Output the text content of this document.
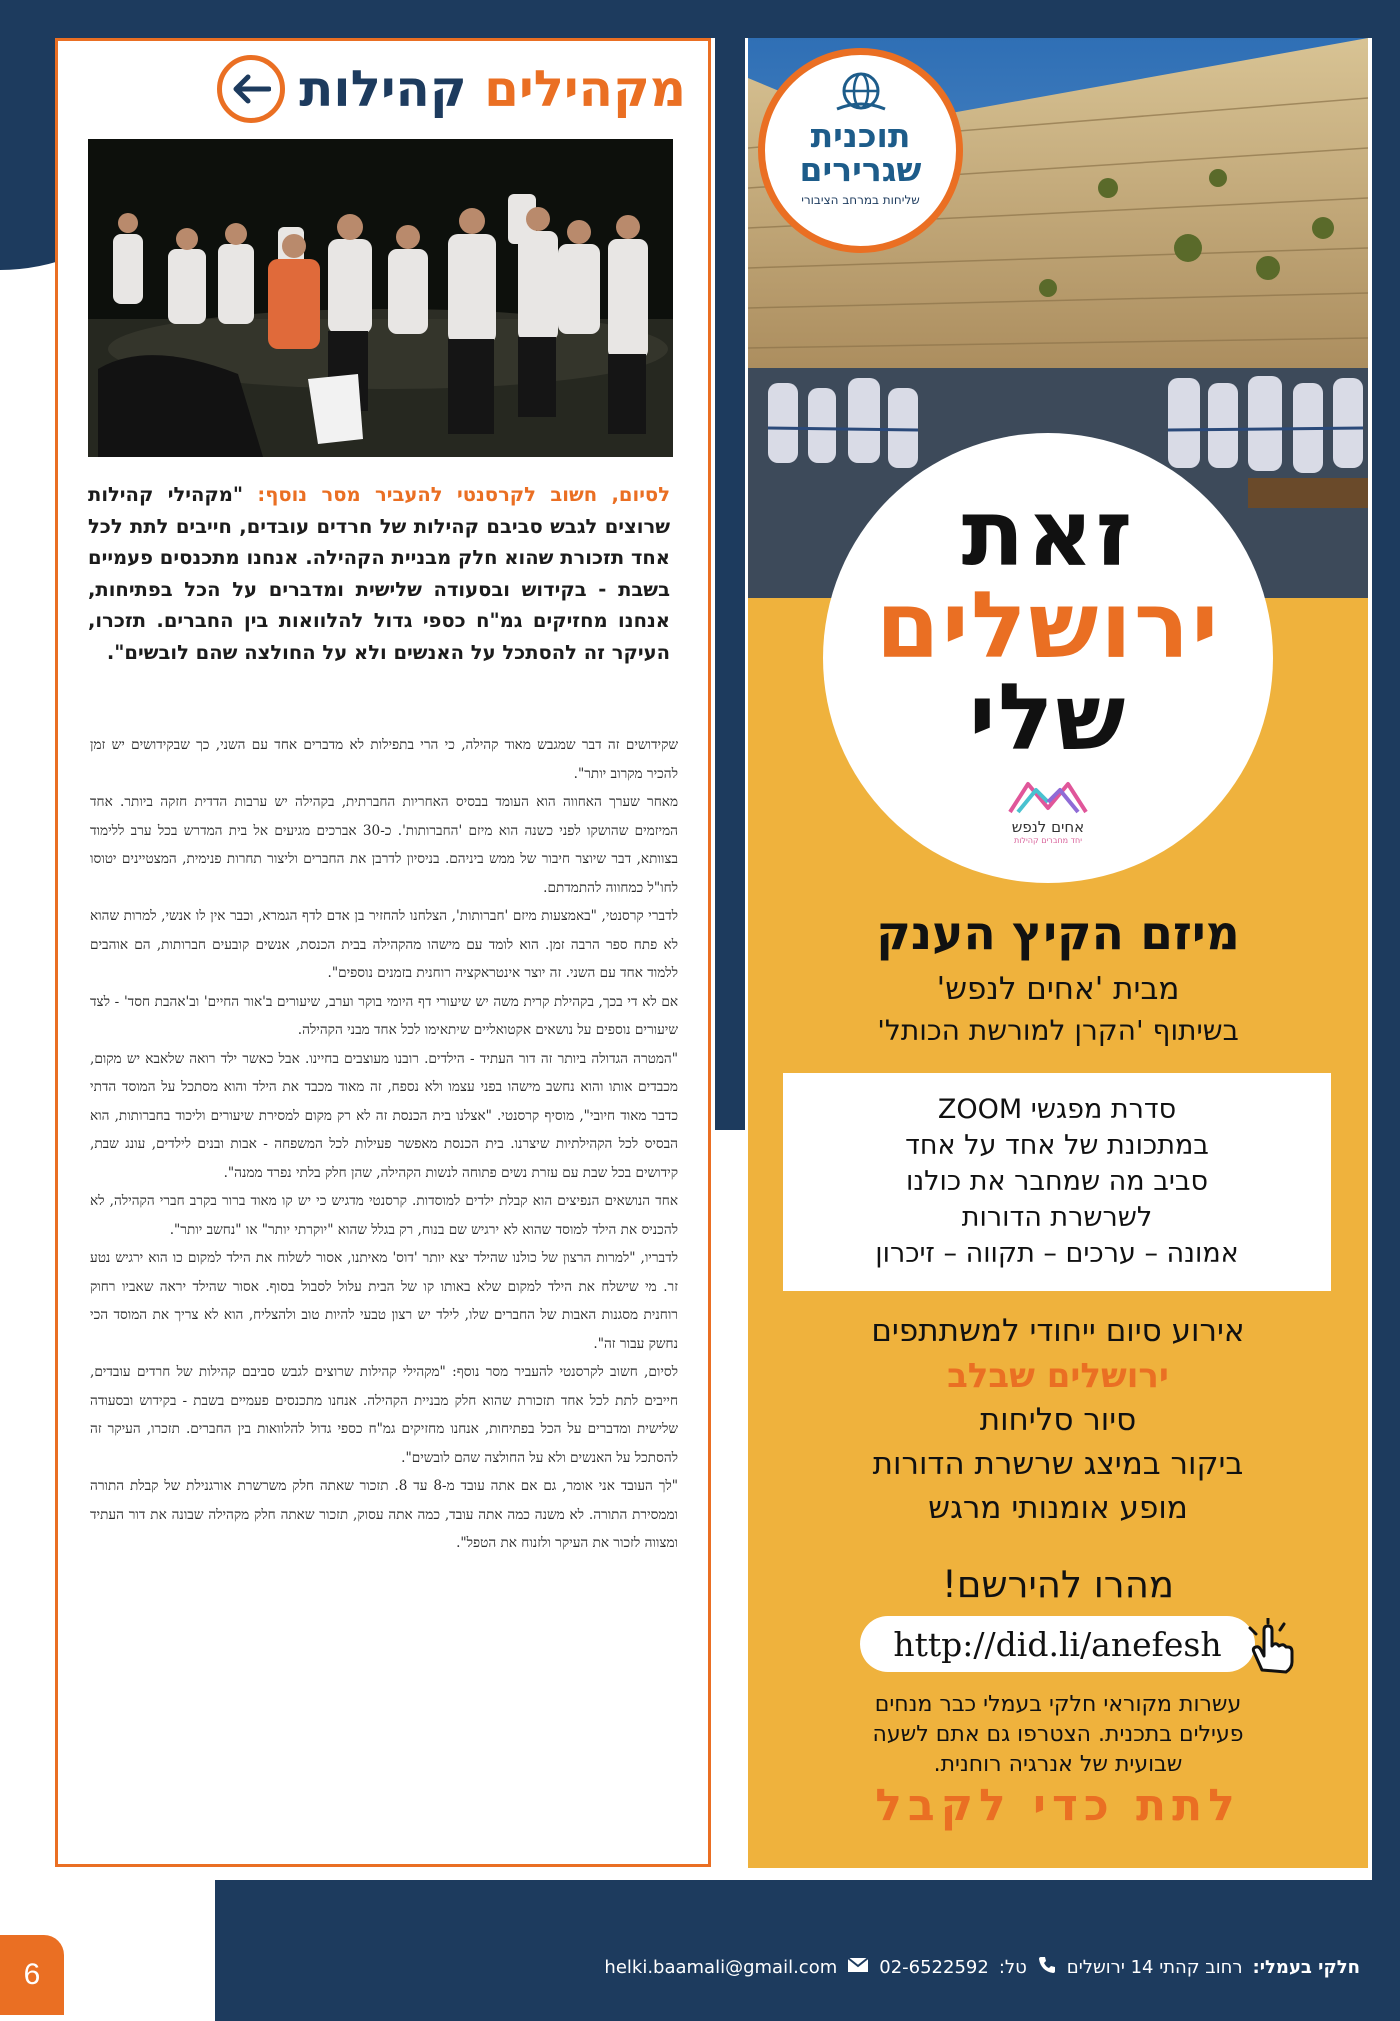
מקהילים קהילות
לסיום, חשוב לקרסנטי להעביר מסר נוסף: "מקהילי קהילות שרוצים לגבש סביבם קהילות של חרדים עובדים, חייבים לתת לכל אחד תזכורת שהוא חלק מבניית הקהילה. אנחנו מתכנסים פעמיים בשבת - בקידוש ובסעודה שלישית ומדברים על הכל בפתיחות, אנחנו מחזיקים גמ"ח כספי גדול להלוואות בין החברים. תזכרו, העיקר זה להסתכל על האנשים ולא על החולצה שהם לובשים".

שקידושים זה דבר שמגבש מאוד קהילה, כי הרי בתפילות לא מדברים אחד עם השני, כך שבקידושים יש זמן להכיר מקרוב יותר".

מאחר שערך האחווה הוא העומד בבסיס האחריות החברתית, בקהילה יש ערבות הדדית חזקה ביותר. אחד המיזמים שהושקו לפני כשנה הוא מיזם 'החברותות'. כ-30 אברכים מגיעים אל בית המדרש בכל ערב ללימוד בצוותא, דבר שיוצר חיבור של ממש ביניהם. בניסיון לדרבן את החברים וליצור תחרות פנימית, המצטיינים יטוסו לחו"ל כמחווה להתמדתם.

לדברי קרסנטי, "באמצעות מיזם 'חברותות', הצלחנו להחזיר בן אדם לדף הגמרא, וכבר אין לו אנשי, למרות שהוא לא פתח ספר הרבה זמן. הוא לומד עם מישהו מהקהילה בבית הכנסת, אנשים קובעים חברותות, הם אוהבים ללמוד אחד עם השני. זה יוצר אינטראקציה רוחנית בזמנים נוספים".

אם לא די בכך, בקהילת קרית משה יש שיעורי דף היומי בוקר וערב, שיעורים ב'אור החיים' וב'אהבת חסד' - לצד שיעורים נוספים על נושאים אקטואליים שיתאימו לכל אחד מבני הקהילה.

"המטרה הגדולה ביותר זה דור העתיד - הילדים. רובנו מעוצבים בחיינו. אבל כאשר ילד רואה שלאבא יש מקום, מכבדים אותו והוא נחשב מישהו בפני עצמו ולא נספח, זה מאוד מכבד את הילד והוא מסתכל על המוסד הדתי כדבר מאוד חיובי", מוסיף קרסנטי. "אצלנו בית הכנסת זה לא רק מקום למסירת שיעורים וליכוד בחברותות, הוא הבסיס לכל הקהילתיות שיצרנו. בית הכנסת מאפשר פעילות לכל המשפחה - אבות ובנים לילדים, עונג שבת, קידושים בכל שבת עם עזרת נשים פתוחה לנשות הקהילה, שהן חלק בלתי נפרד ממנה".

אחד הנושאים הנפיצים הוא קבלת ילדים למוסדות. קרסנטי מדגיש כי יש קו מאוד ברור בקרב חברי הקהילה, לא להכניס את הילד למוסד שהוא לא ירגיש שם בנוח, רק בגלל שהוא "יוקרתי יותר" או "נחשב יותר".

לדבריו, "למרות הרצון של כולנו שהילד יצא יותר 'דוס' מאיתנו, אסור לשלוח את הילד למקום כו הוא ירגיש נטע זר. מי שישלח את הילד למקום שלא באותו קו של הבית עלול לסבול בסוף. אסור שהילד יראה שאביו רחוק רוחנית מסגנות האבות של החברים שלו, לילד יש רצון טבעי להיות טוב ולהצליח, הוא לא צריך את המוסד הכי נחשק עבור זה".

לסיום, חשוב לקרסנטי להעביר מסר נוסף: "מקהילי קהילות שרוצים לגבש סביבם קהילות של חרדים עובדים, חייבים לתת לכל אחד תזכורת שהוא חלק מבניית הקהילה. אנחנו מתכנסים פעמיים בשבת - בקידוש ובסעודה שלישית ומדברים על הכל בפתיחות, אנחנו מחזיקים גמ"ח כספי גדול להלוואות בין החברים. תזכרו, העיקר זה להסתכל על האנשים ולא על החולצה שהם לובשים".

"לך העובד אני אומר, גם אם אתה עובד מ-8 עד 8. תזכור שאתה חלק משרשרת אורגנילת של קבלת התורה וממסירת התורה. לא משנה כמה אתה עובד, כמה אתה עסוק, תזכור שאתה חלק מקהילה שבונה את דור העתיד ומצווה לזכור את העיקר ולזנוח את הטפל".

תוכנית
שגרירים
שליחות במרחב הציבורי
זאת
ירושלים
שלי
אחים לנפש
יחד מחברים קהילות
מיזם הקיץ הענק
מבית 'אחים לנפש'
בשיתוף 'הקרן למורשת הכותל'
סדרת מפגשי ZOOM
במתכונת של אחד על אחד
סביב מה שמחבר את כולנו
לשרשרת הדורות
אמונה – ערכים – תקווה – זיכרון
אירוע סיום ייחודי למשתתפים
ירושלים שבלב
סיור סליחות
ביקור במיצג שרשרת הדורות
מופע אומנותי מרגש
מהרו להירשם!
http://did.li/anefesh
עשרות מקוראי חלקי בעמלי כבר מנחים
פעילים בתכנית. הצטרפו גם אתם לשעה
שבועית של אנרגיה רוחנית.
לתת כדי לקבל
6	חלקי בעמלי:
רחוב קהתי 14 ירושלים
טל:
02-6522592
helki.baamali@gmail.com
